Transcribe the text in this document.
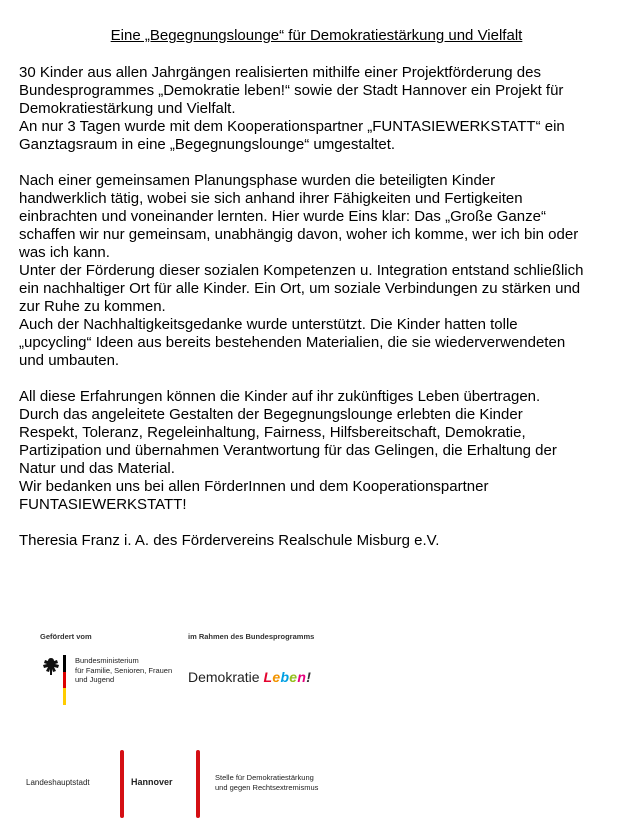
Eine „Begegnungslounge“ für Demokratiestärkung und Vielfalt

30 Kinder aus allen Jahrgängen realisierten mithilfe einer Projektförderung des
Bundesprogrammes „Demokratie leben!“ sowie der Stadt Hannover ein Projekt für
Demokratiestärkung und Vielfalt.
An nur 3 Tagen wurde mit dem Kooperationspartner „FUNTASIEWERKSTATT“ ein
Ganztagsraum in eine „Begegnungslounge“ umgestaltet.

Nach einer gemeinsamen Planungsphase wurden die beteiligten Kinder
handwerklich tätig, wobei sie sich anhand ihrer Fähigkeiten und Fertigkeiten
einbrachten und voneinander lernten. Hier wurde Eins klar: Das „Große Ganze“
schaffen wir nur gemeinsam, unabhängig davon, woher ich komme, wer ich bin oder
was ich kann.
Unter der Förderung dieser sozialen Kompetenzen u. Integration entstand schließlich
ein nachhaltiger Ort für alle Kinder. Ein Ort, um soziale Verbindungen zu stärken und
zur Ruhe zu kommen.
Auch der Nachhaltigkeitsgedanke wurde unterstützt. Die Kinder hatten tolle
„upcycling“ Ideen aus bereits bestehenden Materialien, die sie wiederverwendeten
und umbauten.

All diese Erfahrungen können die Kinder auf ihr zukünftiges Leben übertragen.
Durch das angeleitete Gestalten der Begegnungslounge erlebten die Kinder
Respekt, Toleranz, Regeleinhaltung, Fairness, Hilfsbereitschaft, Demokratie,
Partizipation und übernahmen Verantwortung für das Gelingen, die Erhaltung der
Natur und das Material.
Wir bedanken uns bei allen FörderInnen und dem Kooperationspartner
FUNTASIEWERKSTATT!

Theresia Franz i. A. des Fördervereins Realschule Misburg e.V.

Gefördert vom	im Rahmen des Bundesprogramms
Bundesministerium
für Familie, Senioren, Frauen
und Jugend	Demokratie Leben!
Landeshauptstadt	Hannover	Stelle für Demokratiestärkung
und gegen Rechtsextremismus
